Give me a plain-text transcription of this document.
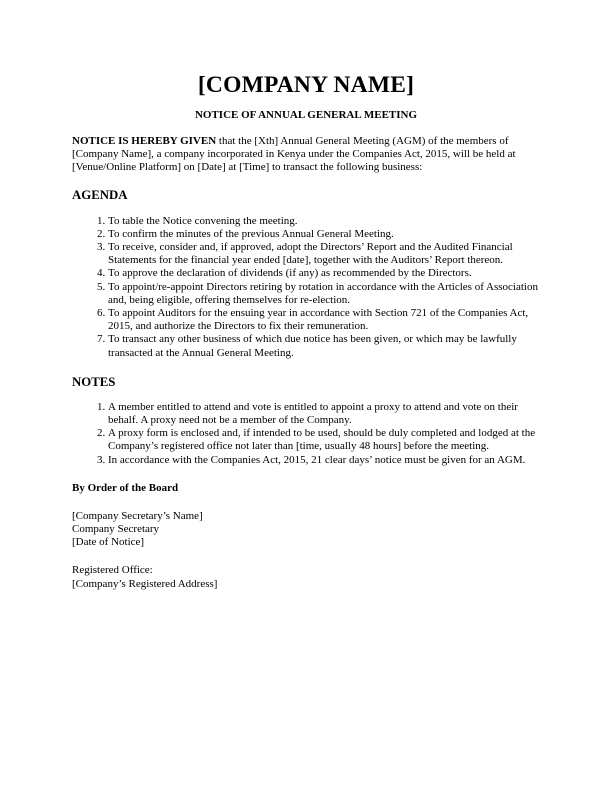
[COMPANY NAME]

NOTICE OF ANNUAL GENERAL MEETING

NOTICE IS HEREBY GIVEN that the [Xth] Annual General Meeting (AGM) of the members of [Company Name], a company incorporated in Kenya under the Companies Act, 2015, will be held at [Venue/Online Platform] on [Date] at [Time] to transact the following business:

AGENDA
1. To table the Notice convening the meeting.
2. To confirm the minutes of the previous Annual General Meeting.
3. To receive, consider and, if approved, adopt the Directors’ Report and the Audited Financial Statements for the financial year ended [date], together with the Auditors’ Report thereon.
4. To approve the declaration of dividends (if any) as recommended by the Directors.
5. To appoint/re-appoint Directors retiring by rotation in accordance with the Articles of Association and, being eligible, offering themselves for re-election.
6. To appoint Auditors for the ensuing year in accordance with Section 721 of the Companies Act, 2015, and authorize the Directors to fix their remuneration.
7. To transact any other business of which due notice has been given, or which may be lawfully transacted at the Annual General Meeting.
NOTES
1. A member entitled to attend and vote is entitled to appoint a proxy to attend and vote on their behalf. A proxy need not be a member of the Company.
2. A proxy form is enclosed and, if intended to be used, should be duly completed and lodged at the Company’s registered office not later than [time, usually 48 hours] before the meeting.
3. In accordance with the Companies Act, 2015, 21 clear days’ notice must be given for an AGM.

By Order of the Board

[Company Secretary’s Name]
Company Secretary
[Date of Notice]

Registered Office:
[Company’s Registered Address]
